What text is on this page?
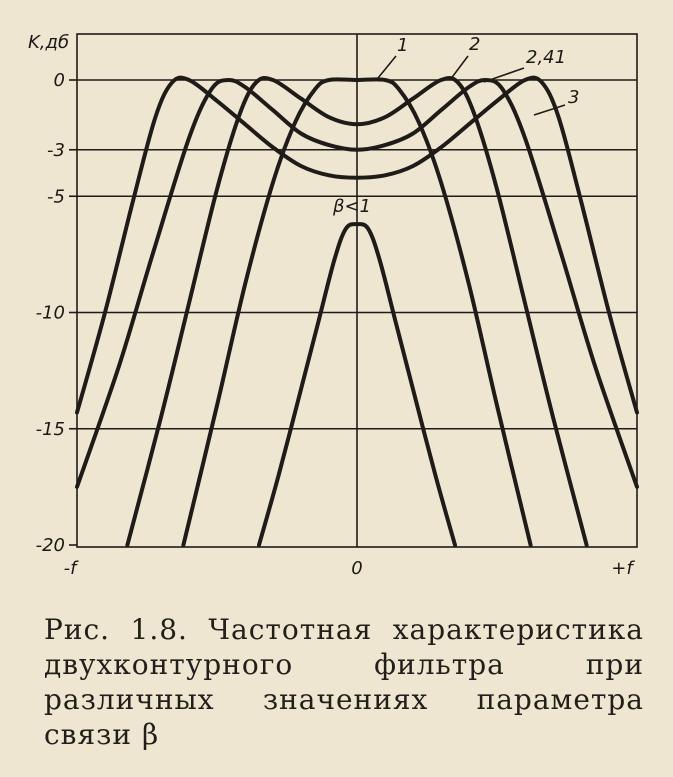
0
-3
-5
-10
-15
-20
K,дб
-f	0	+f
β<1
1	2
2,41
3
Рис. 1.8. Частотная характеристика двухконтурного фильтра при различных значениях параметра связи β
